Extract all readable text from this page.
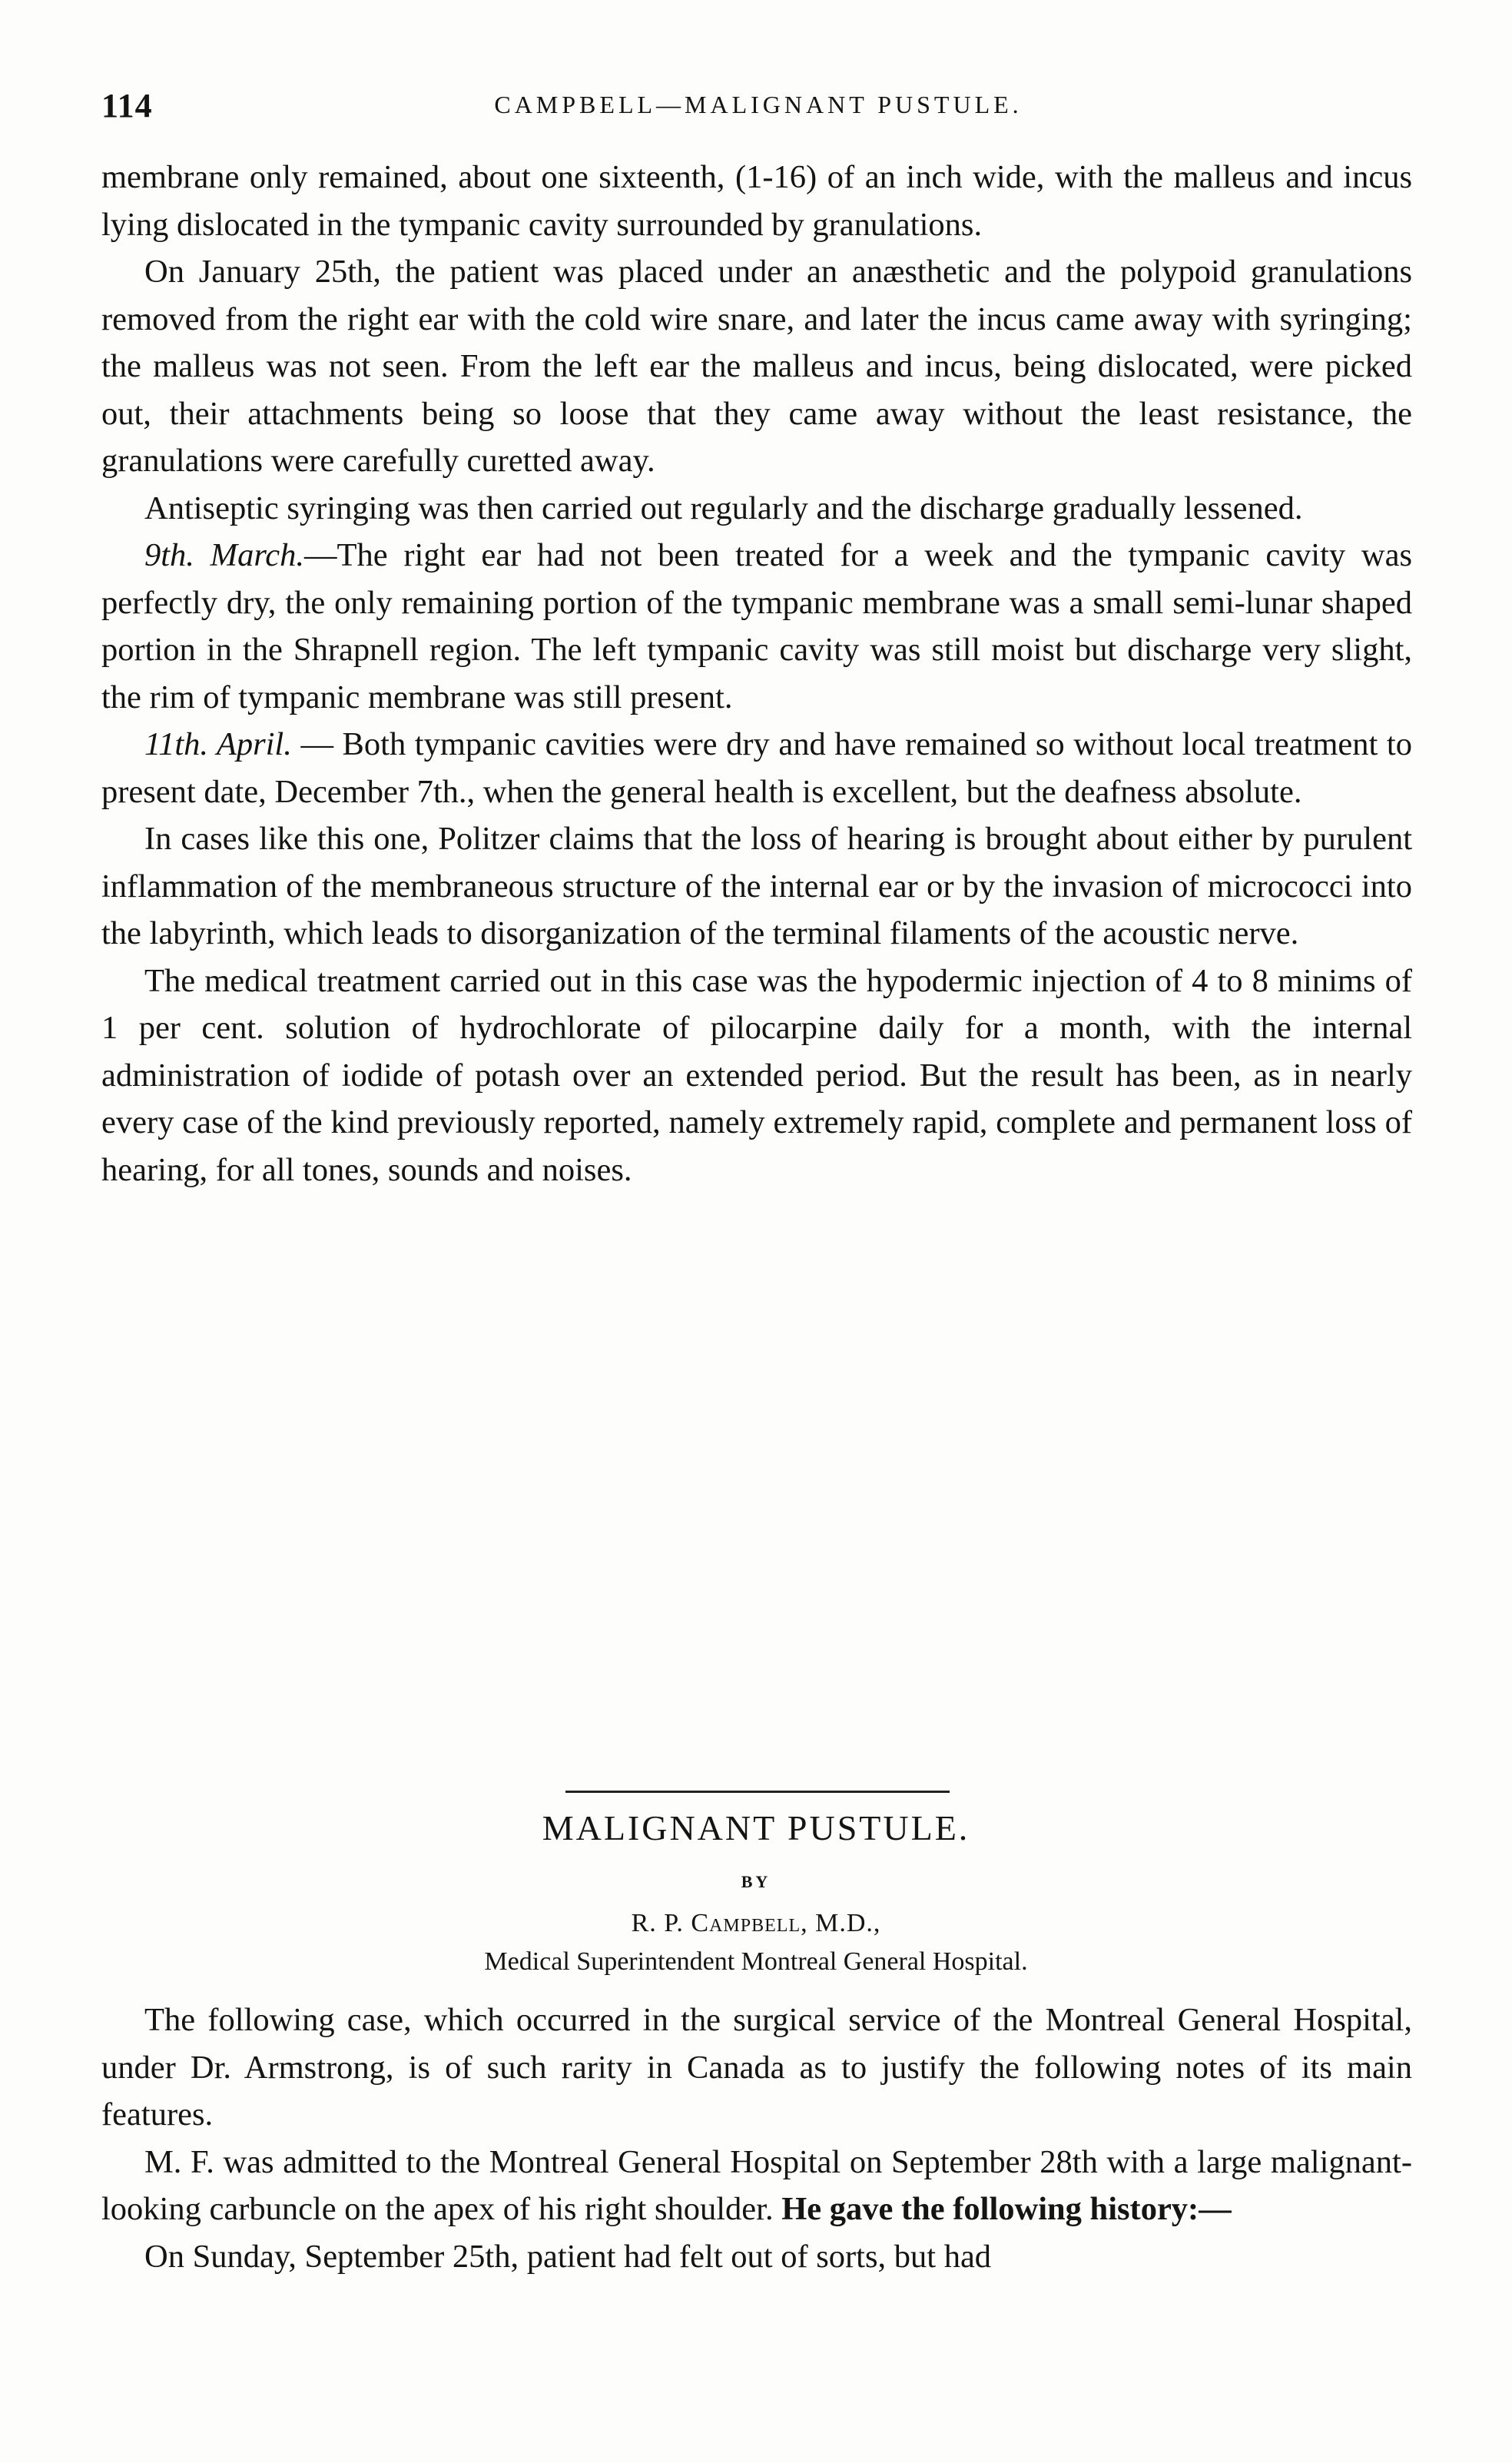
114	CAMPBELL—MALIGNANT PUSTULE.

membrane only remained, about one sixteenth, (1-16) of an inch wide, with the malleus and incus lying dislocated in the tympanic cavity surrounded by granulations.

On January 25th, the patient was placed under an anæsthetic and the polypoid granulations removed from the right ear with the cold wire snare, and later the incus came away with syringing; the malleus was not seen. From the left ear the malleus and incus, being dislocated, were picked out, their attachments being so loose that they came away without the least resistance, the granulations were carefully curetted away.

Antiseptic syringing was then carried out regularly and the discharge gradually lessened.

9th. March.—The right ear had not been treated for a week and the tympanic cavity was perfectly dry, the only remaining portion of the tympanic membrane was a small semi-lunar shaped portion in the Shrapnell region. The left tympanic cavity was still moist but discharge very slight, the rim of tympanic membrane was still present.

11th. April. — Both tympanic cavities were dry and have remained so without local treatment to present date, December 7th., when the general health is excellent, but the deafness absolute.

In cases like this one, Politzer claims that the loss of hearing is brought about either by purulent inflammation of the membraneous structure of the internal ear or by the invasion of micrococci into the labyrinth, which leads to disorganization of the terminal filaments of the acoustic nerve.

The medical treatment carried out in this case was the hypodermic injection of 4 to 8 minims of 1 per cent. solution of hydrochlorate of pilocarpine daily for a month, with the internal administration of iodide of potash over an extended period. But the result has been, as in nearly every case of the kind previously reported, namely extremely rapid, complete and permanent loss of hearing, for all tones, sounds and noises.

MALIGNANT PUSTULE.
BY
R. P. Campbell, M.D.,
Medical Superintendent Montreal General Hospital.

The following case, which occurred in the surgical service of the Montreal General Hospital, under Dr. Armstrong, is of such rarity in Canada as to justify the following notes of its main features.

M. F. was admitted to the Montreal General Hospital on September 28th with a large malignant-looking carbuncle on the apex of his right shoulder. He gave the following history:—

On Sunday, September 25th, patient had felt out of sorts, but had
